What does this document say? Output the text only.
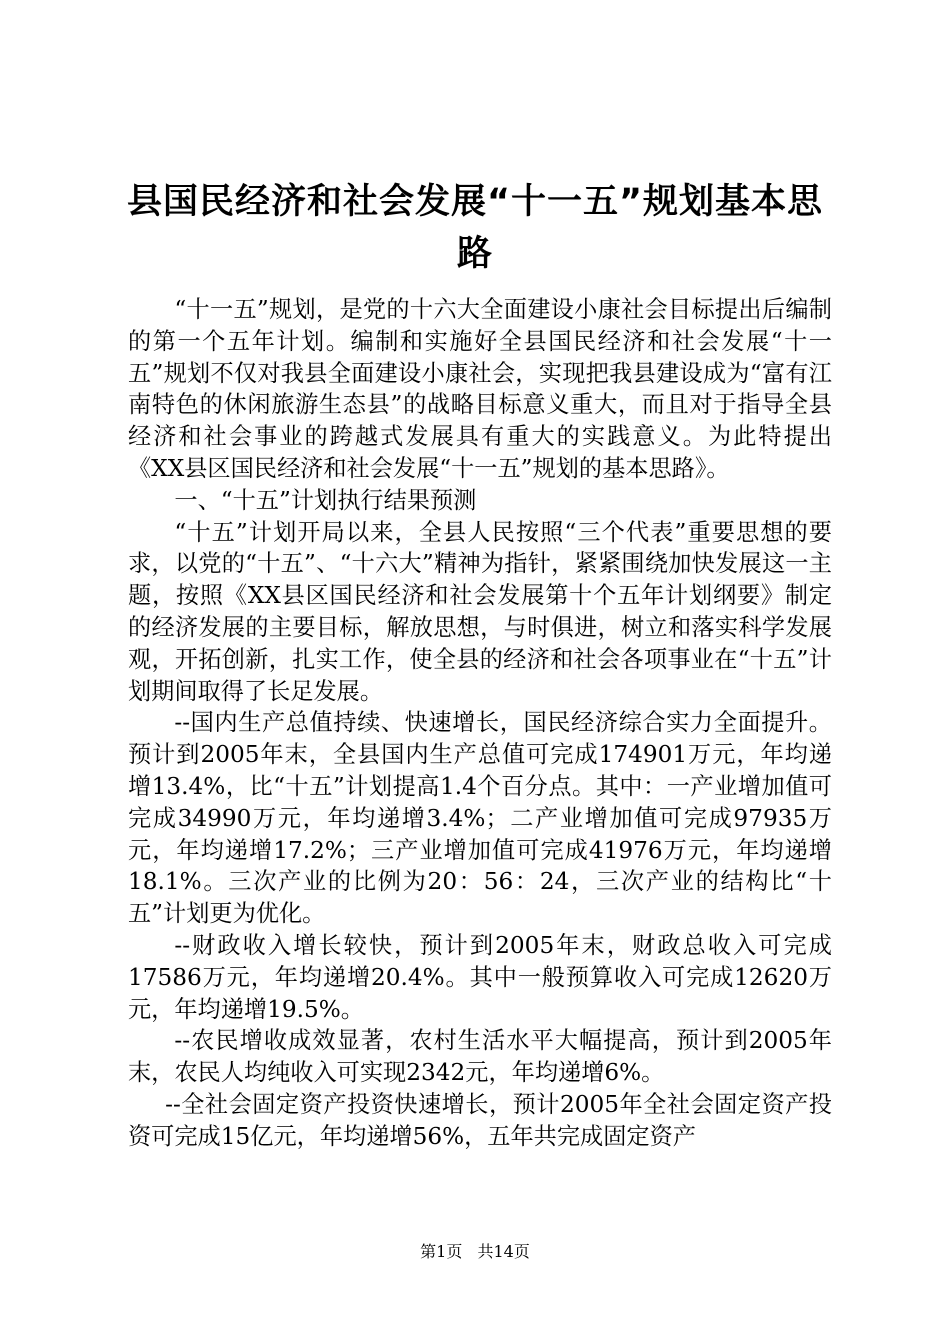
县国民经济和社会发展“十一五”规划基本思路

“十一五”规划，是党的十六大全面建设小康社会目标提出后编制的第一个五年计划。编制和实施好全县国民经济和社会发展“十一五”规划不仅对我县全面建设小康社会，实现把我县建设成为“富有江南特色的休闲旅游生态县”的战略目标意义重大，而且对于指导全县经济和社会事业的跨越式发展具有重大的实践意义。为此特提出《XX县区国民经济和社会发展“十一五”规划的基本思路》。

一、“十五”计划执行结果预测

“十五”计划开局以来，全县人民按照“三个代表”重要思想的要求，以党的“十五”、“十六大”精神为指针，紧紧围绕加快发展这一主题，按照《XX县区国民经济和社会发展第十个五年计划纲要》制定的经济发展的主要目标，解放思想，与时俱进，树立和落实科学发展观，开拓创新，扎实工作，使全县的经济和社会各项事业在“十五”计划期间取得了长足发展。

--国内生产总值持续、快速增长，国民经济综合实力全面提升。预计到2005年末，全县国内生产总值可完成174901万元，年均递增13.4%，比“十五”计划提高1.4个百分点。其中：一产业增加值可完成34990万元，年均递增3.4%；二产业增加值可完成97935万元，年均递增17.2%；三产业增加值可完成41976万元，年均递增18.1%。三次产业的比例为20：56：24，三次产业的结构比“十五”计划更为优化。

--财政收入增长较快，预计到2005年末，财政总收入可完成17586万元，年均递增20.4%。其中一般预算收入可完成12620万元，年均递增19.5%。

--农民增收成效显著，农村生活水平大幅提高，预计到2005年末，农民人均纯收入可实现2342元，年均递增6%。

--全社会固定资产投资快速增长，预计2005年全社会固定资产投资可完成15亿元，年均递增56%，五年共完成固定资产

第1页 共14页
